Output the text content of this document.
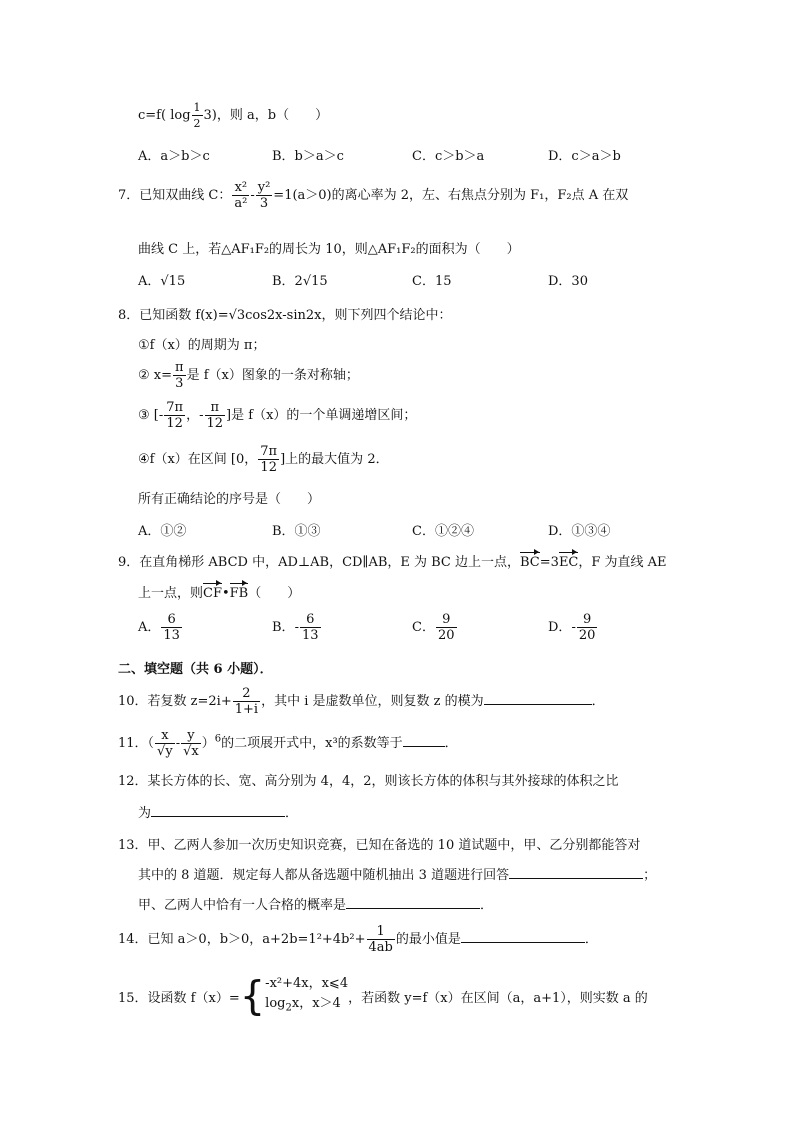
c=f( $\log \frac{1}{2} 3$)，则 a，b（　　）
A．a＞b＞c	B．b＞a＞c	C．c＞b＞a	D．c＞a＞b
7．已知双曲线 C： $\frac{\text{x²}}{\text{a²}} - \frac{\text{y²}}{3} =1(a>0)$的离心率为 2，左、右焦点分别为 F₁，F₂点 A 在双
曲线 C 上，若△AF₁F₂的周长为 10，则△AF₁F₂的面积为（　　）
A．√15	B．2√15	C．15	D．30
8．已知函数 f(x)=√3cos2x-sin2x，则下列四个结论中：
①f（x）的周期为 π；
② $x= \frac{\pi}{3}$ 是 f（x）图象的一条对称轴；
③ [- $\frac{7\pi}{12}$ ，- $\frac{\pi}{12}$ ]是 f（x）的一个单调递增区间；
④f（x）在区间 [0， $\frac{7\pi}{12}$ ]上的最大值为 2．
所有正确结论的序号是（　　）
A．①②	B．①③	C．①②④	D．①③④
9．在直角梯形 ABCD 中，AD⊥AB，CD∥AB，E 为 BC 边上一点，BC=3EC，F 为直线 AE
上一点，则CF•FB（　　）
A． $\frac{6}{13}$	B．- $\frac{6}{13}$	C． $\frac{9}{20}$	D．- $\frac{9}{20}$
二、填空题（共 6 小题）．
10．若复数 $z=2i+ \frac{2}{1+i}$ ，其中 i 是虚数单位，则复数 z 的模为	．
11．（ $\frac{x}{√y} - \frac{y}{√x} )^6$的二项展开式中，x³的系数等于	．
12．某长方体的长、宽、高分别为 4，4，2，则该长方体的体积与其外接球的体积之比
为	．
13．甲、乙两人参加一次历史知识竞赛，已知在备选的 10 道试题中，甲、乙分别都能答对
其中的 8 道题．规定每人都从备选题中随机抽出 3 道题进行回答	；
甲、乙两人中恰有一人合格的概率是	．
14．已知 a＞0，b＞0，$a+2b=1^2+4b^2+ \frac{1}{4ab}$ 的最小值是	．
15．设函数 f（x）={ -x²+4x，x⩽4
$\log_2x$，x＞4 ，若函数 y=f（x）在区间（a，a+1），则实数 a 的
